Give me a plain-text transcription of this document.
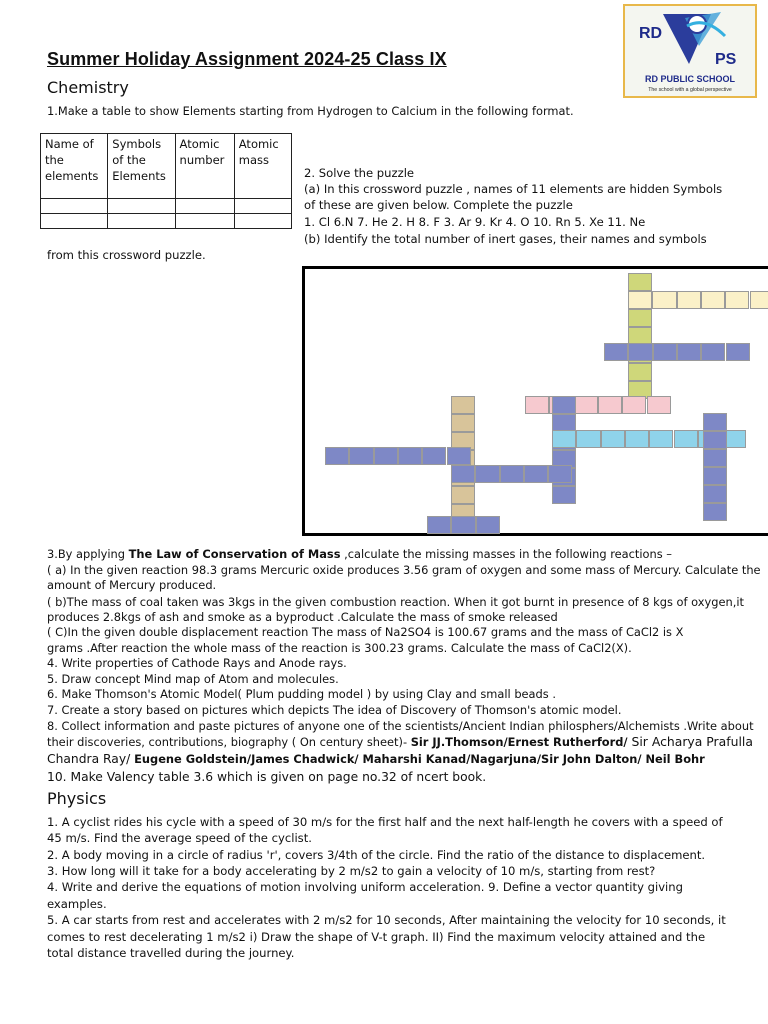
Summer Holiday Assignment 2024-25 Class IX
RD
PS
RD PUBLIC SCHOOL
The school with a global perspective
Chemistry
1.Make a table to show Elements starting from Hydrogen to Calcium in the following format.
Name of the elements	Symbols of the Elements	Atomic number	Atomic mass

2. Solve the puzzle
(a) In this crossword puzzle , names of 11 elements are hidden Symbols
of these are given below. Complete the puzzle
1. Cl 6.N 7. He 2. H 8. F 3. Ar 9. Kr 4. O 10. Rn 5. Xe 11. Ne
(b) Identify the total number of inert gases, their names and symbols
from this crossword puzzle.
3.By applying The Law of Conservation of Mass ,calculate the missing masses in the following reactions –
( a) In the given reaction 98.3 grams Mercuric oxide produces 3.56 gram of oxygen and some mass of Mercury. Calculate the
amount of Mercury produced.
( b)The mass of coal taken was 3kgs in the given combustion reaction. When it got burnt in presence of 8 kgs of oxygen,it
produces 2.8kgs of ash and smoke as a byproduct .Calculate the mass of smoke released
( C)In the given double displacement reaction The mass of Na2SO4 is 100.67 grams and the mass of CaCl2 is X
grams .After reaction the whole mass of the reaction is 300.23 grams. Calculate the mass of CaCl2(X).
4. Write properties of Cathode Rays and Anode rays.
5. Draw concept Mind map of Atom and molecules.
6. Make Thomson's Atomic Model( Plum pudding model ) by using Clay and small beads .
7. Create a story based on pictures which depicts The idea of Discovery of Thomson's atomic model.
8. Collect information and paste pictures of anyone one of the scientists/Ancient Indian philosphers/Alchemists .Write about
their discoveries, contributions, biography ( On century sheet)- Sir JJ.Thomson/Ernest Rutherford/ Sir Acharya Prafulla
Chandra Ray/ Eugene Goldstein/James Chadwick/ Maharshi Kanad/Nagarjuna/Sir John Dalton/ Neil Bohr
10. Make Valency table 3.6 which is given on page no.32 of ncert book.
Physics
1. A cyclist rides his cycle with a speed of 30 m/s for the first half and the next half-length he covers with a speed of
45 m/s. Find the average speed of the cyclist.
2. A body moving in a circle of radius 'r', covers 3/4th of the circle. Find the ratio of the distance to displacement.
3. How long will it take for a body accelerating by 2 m/s2 to gain a velocity of 10 m/s, starting from rest?
4. Write and derive the equations of motion involving uniform acceleration. 9. Define a vector quantity giving
examples.
5. A car starts from rest and accelerates with 2 m/s2 for 10 seconds, After maintaining the velocity for 10 seconds, it
comes to rest decelerating 1 m/s2 i) Draw the shape of V-t graph. II) Find the maximum velocity attained and the
total distance travelled during the journey.
